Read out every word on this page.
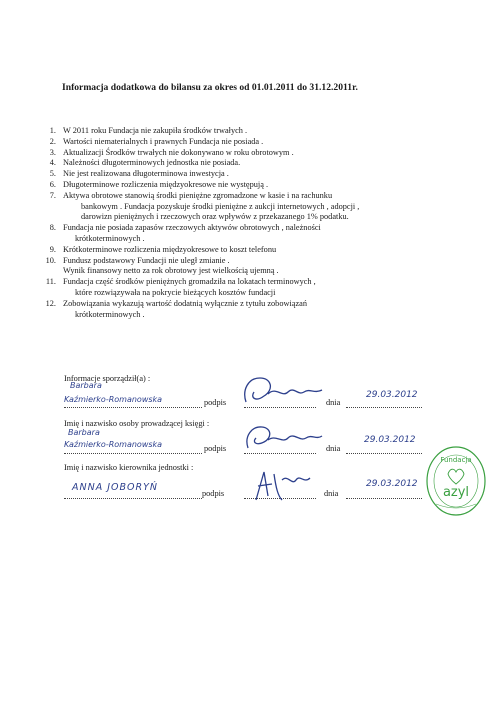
Informacja dodatkowa do bilansu za okres od 01.01.2011 do 31.12.2011r.
1. W 2011 roku Fundacja nie zakupiła środków trwałych .
2. Wartości niematerialnych i prawnych Fundacja nie posiada .
3. Aktualizacji Środków trwałych nie dokonywano w roku obrotowym .
4. Należności długoterminowych jednostka nie posiada.
5. Nie jest realizowana długoterminowa inwestycja .
6. Długoterminowe rozliczenia międzyokresowe nie występują .
7. Aktywa obrotowe stanowią środki pieniężne zgromadzone w kasie i na rachunku
bankowym . Fundacja pozyskuje środki pieniężne z aukcji internetowych , adopcji ,
darowizn pieniężnych i rzeczowych oraz wpływów z przekazanego 1% podatku.
8. Fundacja nie posiada zapasów rzeczowych aktywów obrotowych , należności
krótkoterminowych .
9. Krótkoterminowe rozliczenia międzyokresowe to koszt telefonu
10. Fundusz podstawowy Fundacji nie uległ zmianie .
Wynik finansowy netto za rok obrotowy jest wielkością ujemną .
11. Fundacja część środków pieniężnych gromadziła na lokatach terminowych ,
które rozwiązywała na pokrycie bieżących kosztów fundacji
12. Zobowiązania wykazują wartość dodatnią wyłącznie z tytułu zobowiązań
krótkoterminowych .
Informacje sporządził(a) :
Barbara
Kaźmierko-Romanowska	podpis	dnia
29.03.2012
Imię i nazwisko osoby prowadzącej księgi :
Barbara
Kaźmierko-Romanowska	podpis	dnia
29.03.2012
Imię i nazwisko kierownika jednostki :
ANNA JOBORYŃ
podpis	dnia
29.03.2012
Fundacja
azyl
